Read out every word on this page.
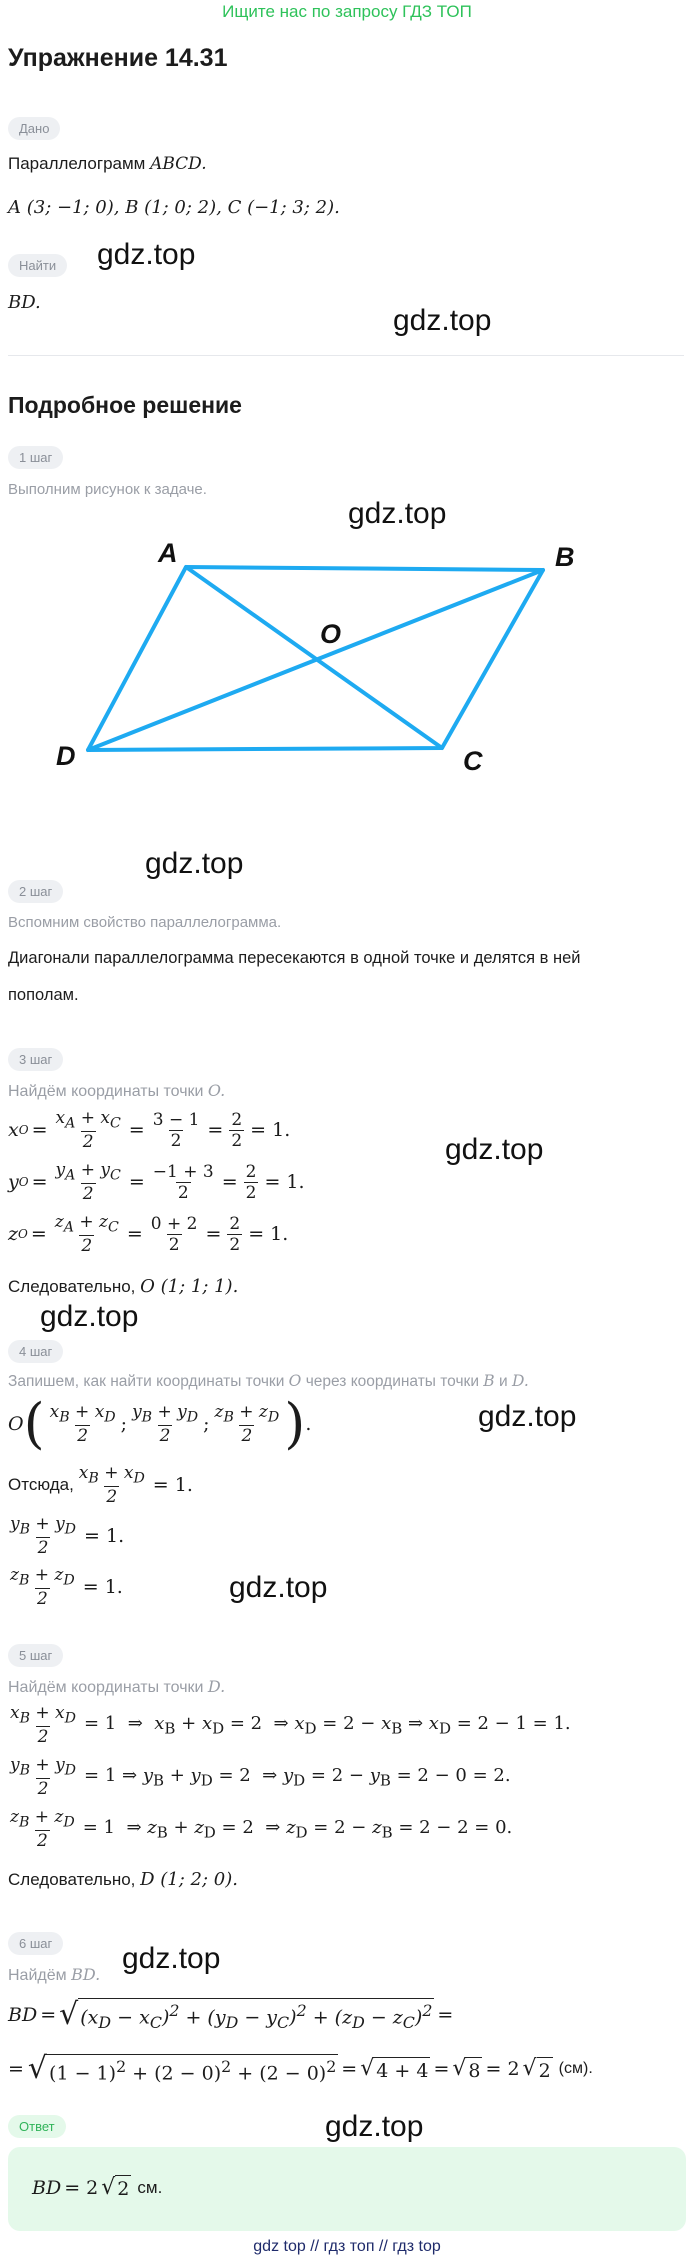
Ищите нас по запросу ГДЗ ТОП
Упражнение 14.31
Дано
Параллелограмм ABCD.
A (3; −1; 0), B (1; 0; 2), C (−1; 3; 2).
Найти
BD.
gdz.top
gdz.top
Подробное решение
1 шаг
Выполним рисунок к задаче.
gdz.top
A	B
C
D
O
gdz.top
2 шаг
Вспомним свойство параллелограмма.
Диагонали параллелограмма пересекаются в одной точке и делятся в ней
пополам.
3 шаг
Найдём координаты точки O.
x $O = \frac{x_A + x_C}{2} = \frac{3 - 1}{2} = \frac{2}{2} = 1$.
y $O = \frac{y_A + y_C}{2} = \frac{-1 + 3}{2} = \frac{2}{2} = 1$.
z $O = \frac{z_A + z_C}{2} = \frac{0 + 2}{2} = \frac{2}{2} = 1$.
gdz.top
Следовательно, O (1; 1; 1).
gdz.top
4 шаг
Запишем, как найти координаты точки O через координаты точки B и D.
O ( $\frac{x_B + x_D}{2}$ ; $\frac{y_B + y_D}{2}$ ; $\frac{z_B + z_D}{2}$ ) .	gdz.top
Отсюда, $\frac{x_B + x_D}{2} = 1$.
$\frac{y_B + y_D}{2} = 1$.
$\frac{z_B + z_D}{2} = 1$.	gdz.top
5 шаг
Найдём координаты точки D.
$\frac{x_B + x_D}{2} = 1$  ⇒  $x_B + x_D = 2$  ⇒ $x_D = 2 - x_B$ ⇒ $x_D = 2 - 1 = 1$.
$\frac{y_B + y_D}{2} = 1$ ⇒ $y_B + y_D = 2$  ⇒ $y_D = 2 - y_B = 2 - 0 = 2$.
$\frac{z_B + z_D}{2} = 1$  ⇒ $z_B + z_D = 2$  ⇒ $z_D = 2 - z_B = 2 - 2 = 0$.
Следовательно, D (1; 2; 0).
6 шаг
Найдём BD. gdz.top
BD = √ $(x_D - x_C)^2 + (y_D - y_C)^2 + (z_D - z_C)^2$ =
= √ $(1 - 1)^2 + (2 - 0)^2 + (2 - 0)^2$ = √ 4 + 4 = √ 8 = 2 √ 2 (см).
Ответ	gdz.top
BD = 2 √ 2 см.
gdz top // гдз топ // гдз top
